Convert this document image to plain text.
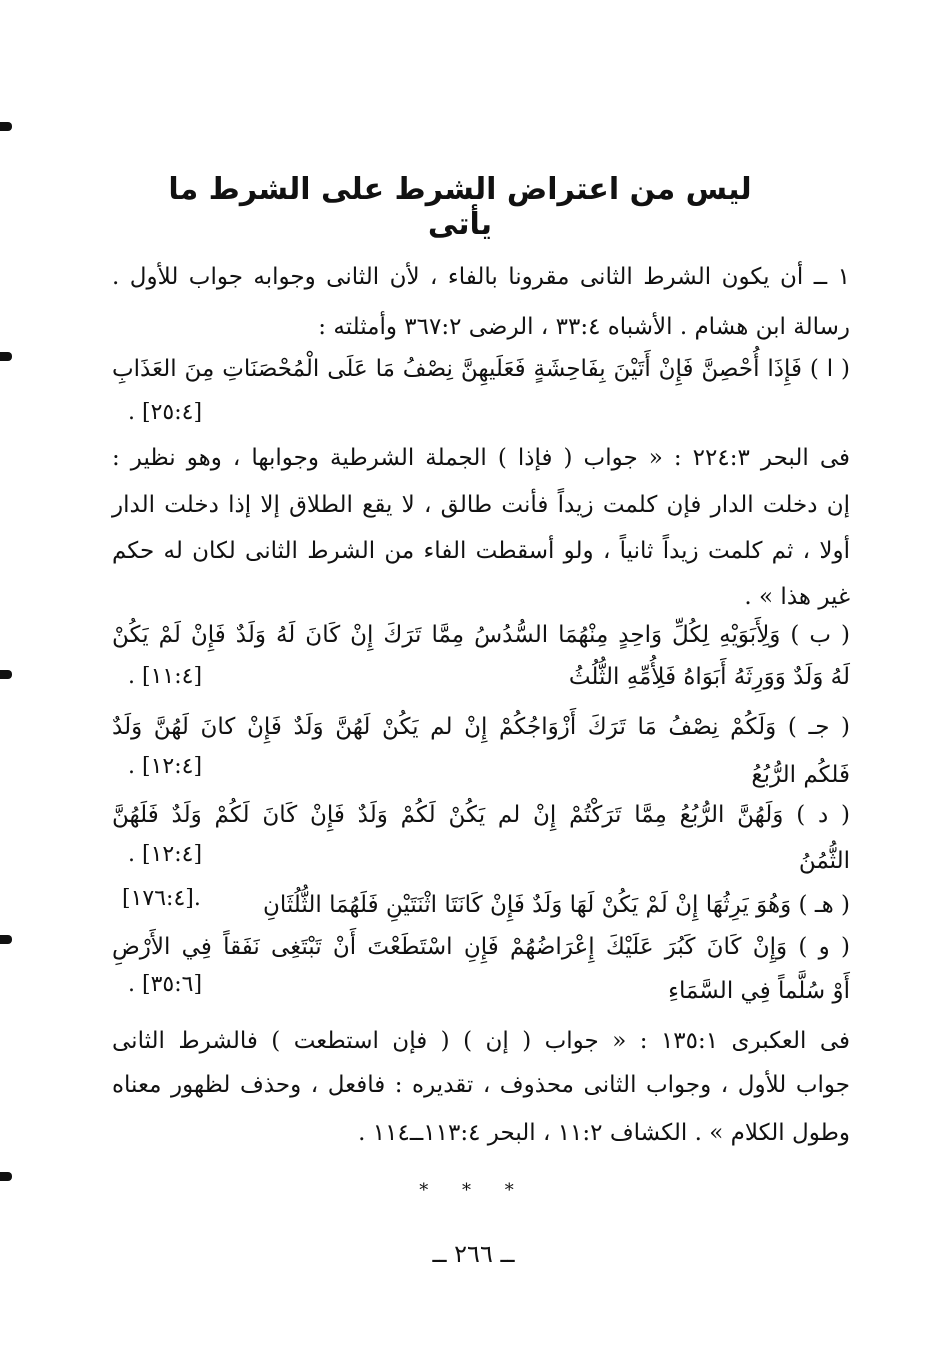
ليس من اعتراض الشرط على الشرط ما يأتى
١ ــ أن يكون الشرط الثانى مقرونا بالفاء ، لأن الثانى وجوابه جواب للأول .
رسالة ابن هشام . الأشباه ٣٣:٤ ، الرضى ٣٦٧:٢ وأمثلته :
( ا ) فَإِذَا أُحْصِنَّ فَإِنْ أَتَيْنَ بِفَاحِشَةٍ فَعَلَيهِنَّ نِصْفُ مَا عَلَى الْمُحْصَنَاتِ مِنَ العَذَابِ
. [٢٥:٤]
فى البحر ٢٢٤:٣ : « جواب ( فإذا ) الجملة الشرطية وجوابها ، وهو نظير :
إن دخلت الدار فإن كلمت زيداً فأنت طالق ، لا يقع الطلاق إلا إذا دخلت الدار
أولا ، ثم كلمت زيداً ثانياً ، ولو أسقطت الفاء من الشرط الثانى لكان له حكم
غير هذا » .
( ب ) وَلِأَبَوَيْهِ لِكُلِّ وَاحِدٍ مِنْهُمَا السُّدُسُ مِمَّا تَرَكَ إِنْ كَانَ لَهُ وَلَدٌ فَإِنْ لَمْ يَكُنْ
لَهُ وَلَدٌ وَوَرِثَهُ أَبَوَاهُ فَلِأُمِّهِ الثُّلُثُ
. [١١:٤]
( جـ ) وَلَكُمْ نِصْفُ مَا تَرَكَ أَزْوَاجُكُمْ إِنْ لم يَكُنْ لَهُنَّ وَلَدٌ فَإِنْ كانَ لَهُنَّ وَلَدٌ
فَلكُم الرُّبُعُ
. [١٢:٤]
( د ) وَلَهُنَّ الرُّبُعُ مِمَّا تَرَكْتُمْ إِنْ لم يَكُنْ لَكُمْ وَلَدٌ فَإِنْ كَانَ لَكُمْ وَلَدٌ فَلَهُنَّ
الثُّمُنُ
. [١٢:٤]
( هـ ) وَهُوَ يَرِثُهَا إِنْ لَمْ يَكُنْ لَهَا وَلَدٌ فَإِنْ كَانَتَا اثْنَتَيْنِ فَلَهُمَا الثُّلُثَانِ
[١٧٦:٤].
( و ) وَإِنْ كَانَ كَبُرَ عَلَيْكَ إِعْرَاضُهُمْ فَإِنِ اسْتَطَعْتَ أَنْ تَبْتَغِى نَفَقاً فِي الأَرْضِ
أَوْ سُلَّماً فِي السَّمَاءِ
. [٣٥:٦]
فى العكبرى ١٣٥:١ : « جواب ( إن ) ( فإن استطعت ) فالشرط الثانى
جواب للأول ، وجواب الثانى محذوف ، تقديره : فافعل ، وحذف لظهور معناه
وطول الكلام » . الكشاف ١١:٢ ، البحر ١١٣:٤ــ١١٤ .
* * *
ــ ٢٦٦ ــ
